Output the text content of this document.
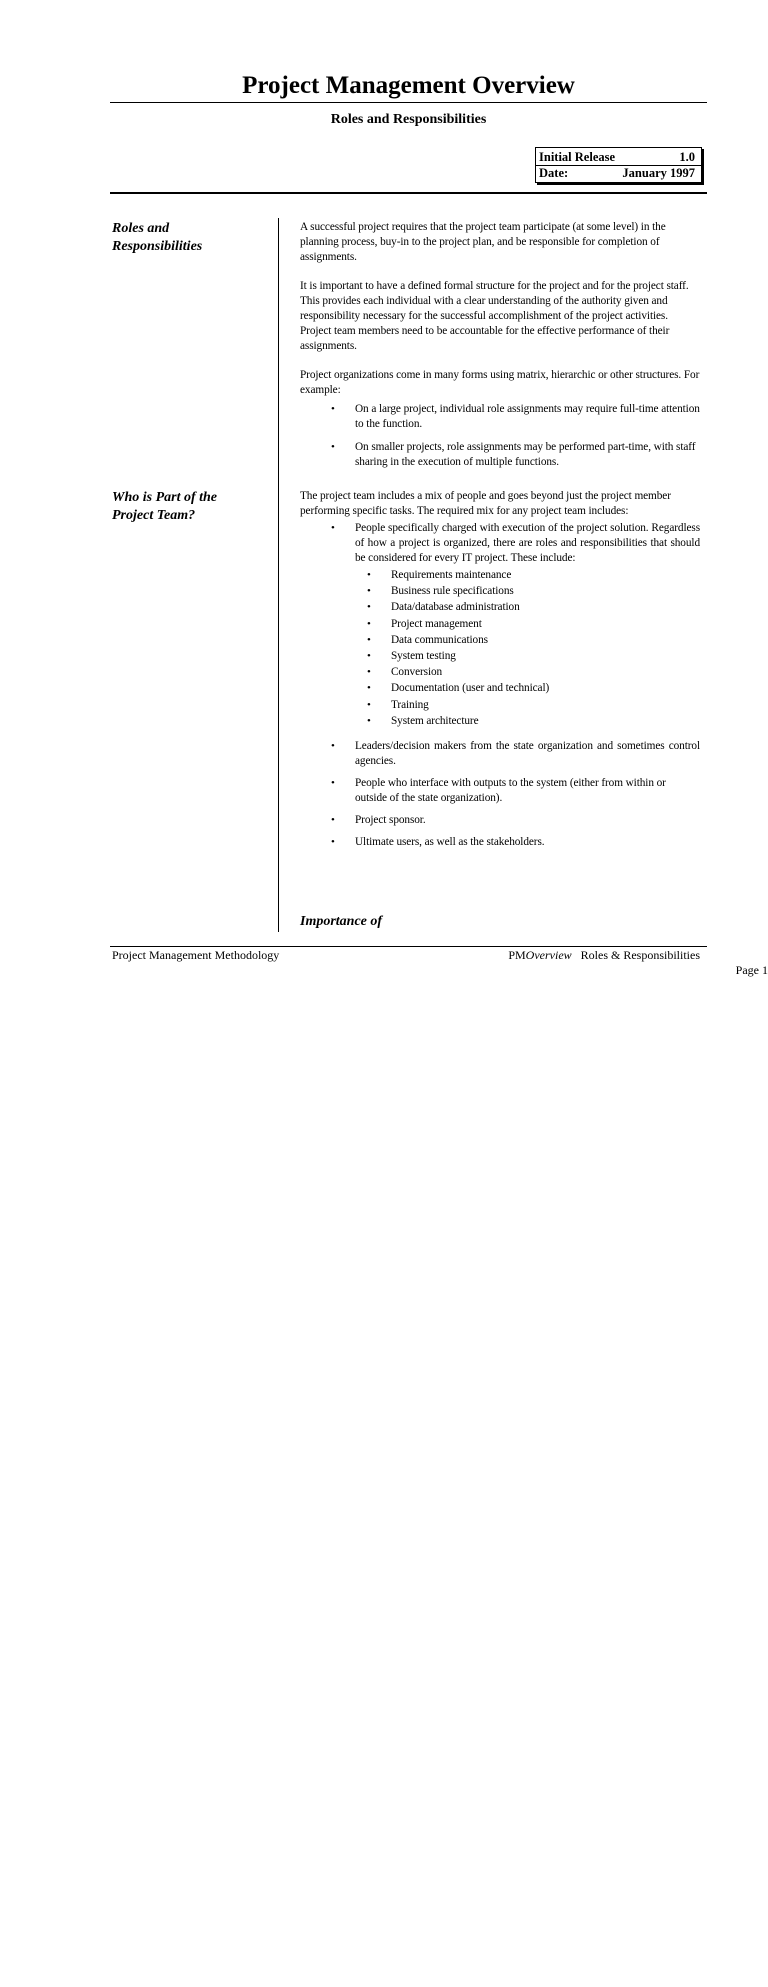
Project Management Overview
Roles and Responsibilities
Initial Release	1.0
Date:	January 1997
Roles and
Responsibilities

A successful project requires that the project team participate (at some level) in the planning process, buy-in to the project plan, and be responsible for completion of assignments.

It is important to have a defined formal structure for the project and for the project staff. This provides each individual with a clear understanding of the authority given and responsibility necessary for the successful accomplishment of the project activities. Project team members need to be accountable for the effective performance of their assignments.

Project organizations come in many forms using matrix, hierarchic or other structures. For example:

• On a large project, individual role assignments may require full-time attention to the function.
• On smaller projects, role assignments may be performed part-time, with staff sharing in the execution of multiple functions.
Who is Part of the
Project Team?

The project team includes a mix of people and goes beyond just the project member performing specific tasks. The required mix for any project team includes:

• People specifically charged with execution of the project solution. Regardless of how a project is organized, there are roles and responsibilities that should be considered for every IT project. These include:
• Requirements maintenance
• Business rule specifications
• Data/database administration
• Project management
• Data communications
• System testing
• Conversion
• Documentation (user and technical)
• Training
• System architecture
• Leaders/decision makers from the state organization and sometimes control agencies.
• People who interface with outputs to the system (either from within or outside of the state organization).
• Project sponsor.
• Ultimate users, as well as the stakeholders.
Importance of
Project Management Methodology	PMOverview Roles & Responsibilities
Page 1
